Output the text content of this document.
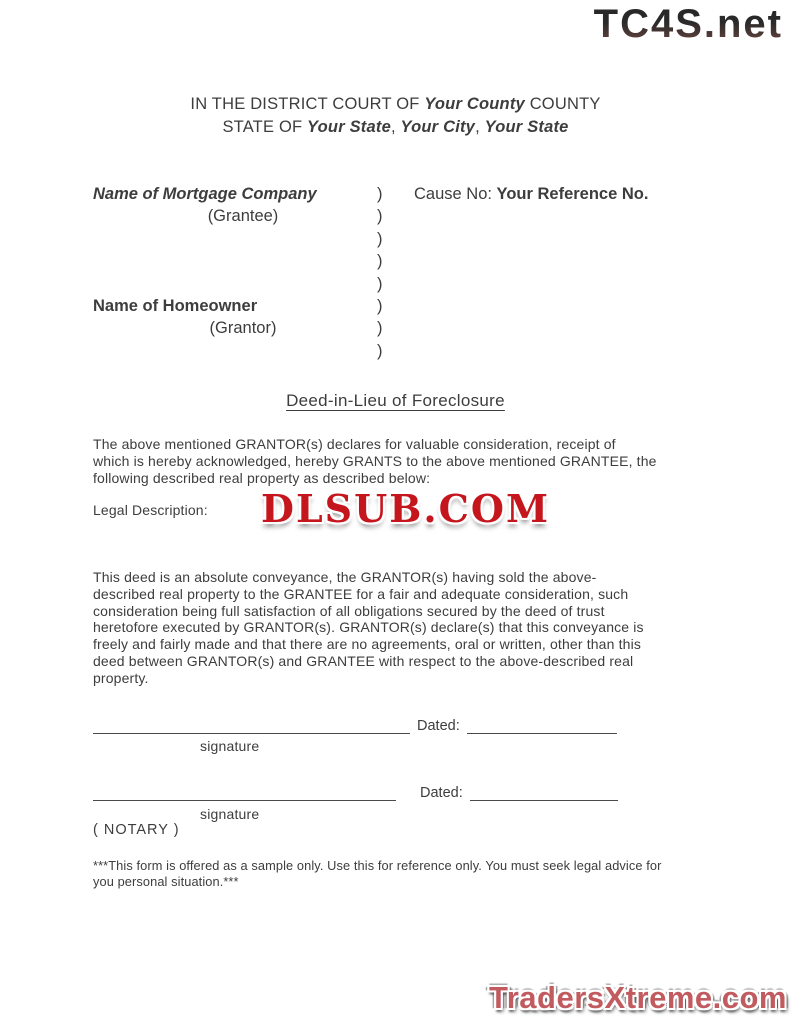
TC4S.net
IN THE DISTRICT COURT OF Your County COUNTY
STATE OF Your State, Your City, Your State
Name of Mortgage Company
(Grantee)
Name of Homeowner
(Grantor)
)
)
)
)
)
)
)
)
Cause No: Your Reference No.
Deed-in-Lieu of Foreclosure
The above mentioned GRANTOR(s) declares for valuable consideration, receipt of
which is hereby acknowledged, hereby GRANTS to the above mentioned GRANTEE, the
following described real property as described below:
Legal Description: DLSUB.COM
This deed is an absolute conveyance, the GRANTOR(s) having sold the above-
described real property to the GRANTEE for a fair and adequate consideration, such
consideration being full satisfaction of all obligations secured by the deed of trust
heretofore executed by GRANTOR(s). GRANTOR(s) declare(s) that this conveyance is
freely and fairly made and that there are no agreements, oral or written, other than this
deed between GRANTOR(s) and GRANTEE with respect to the above-described real
property.
Dated:
signature
Dated:
signature
( NOTARY )
***This form is offered as a sample only. Use this for reference only. You must seek legal advice for
you personal situation.***
TradersXtreme.com
